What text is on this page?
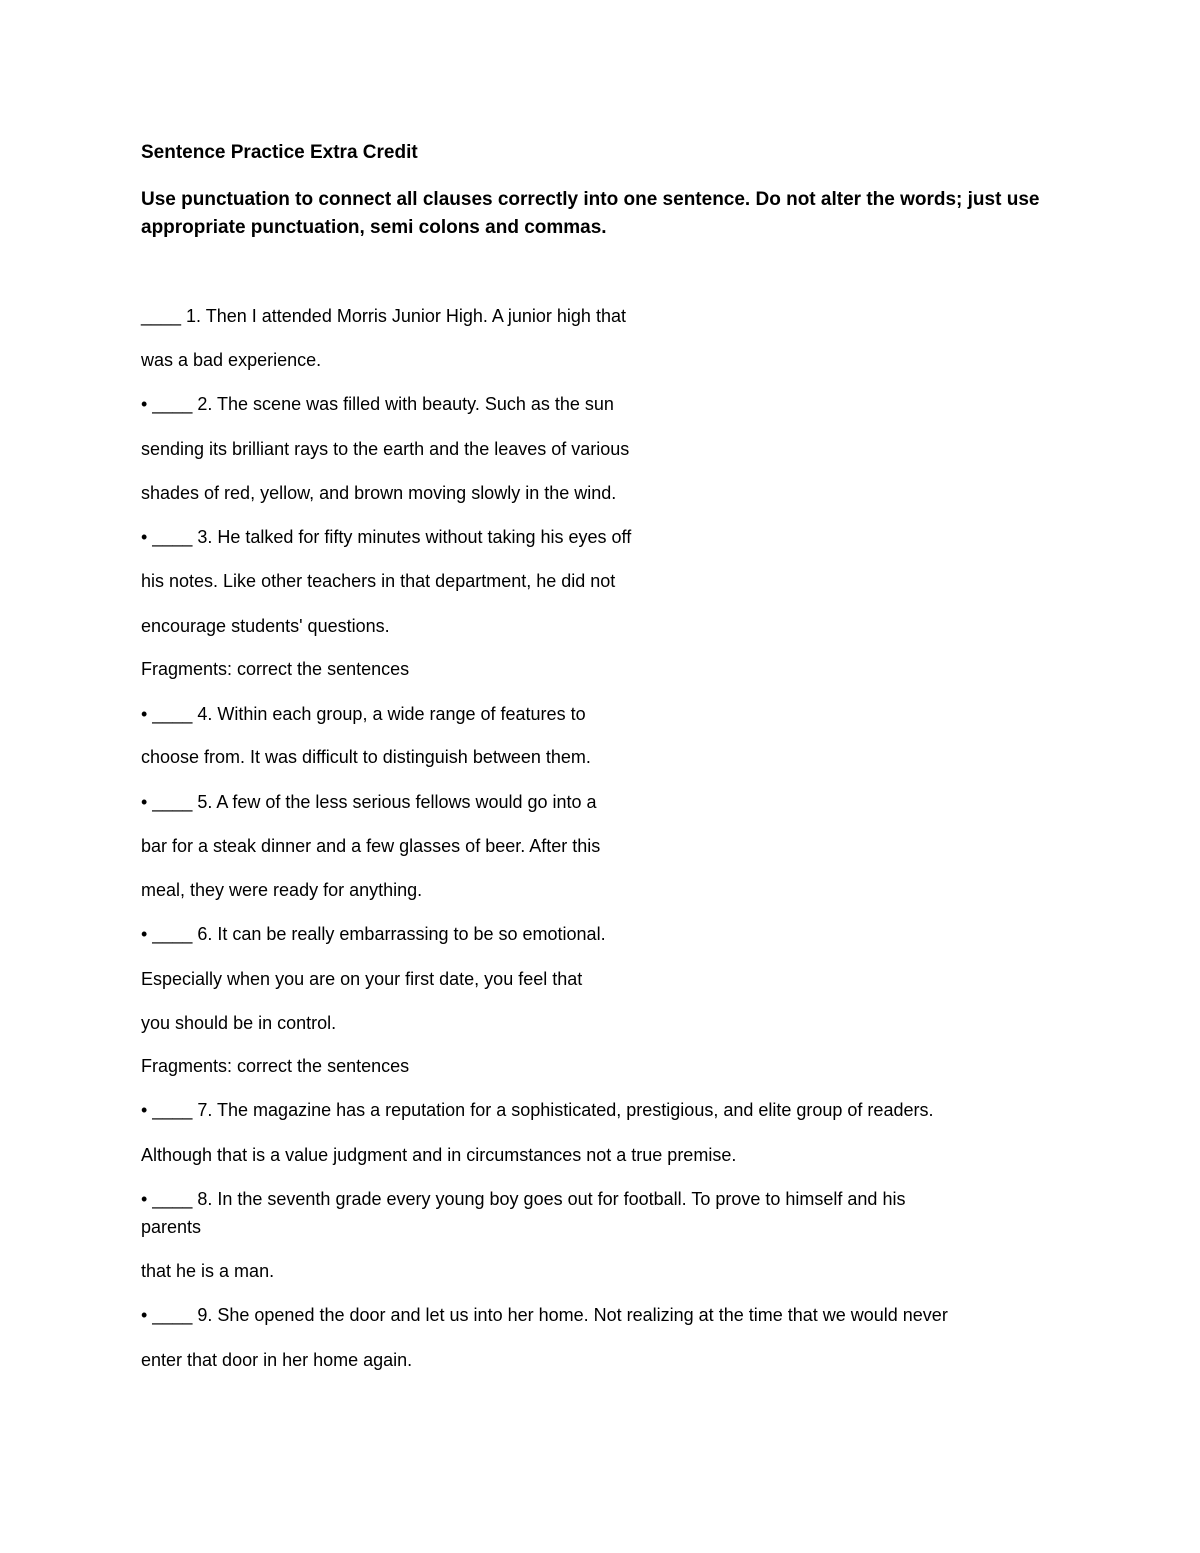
Sentence Practice Extra Credit
Use punctuation to connect all clauses correctly into one sentence. Do not alter the words; just use appropriate punctuation, semi colons and commas.
____ 1. Then I attended Morris Junior High. A junior high that
was a bad experience.
• ____ 2. The scene was filled with beauty. Such as the sun
sending its brilliant rays to the earth and the leaves of various
shades of red, yellow, and brown moving slowly in the wind.
• ____ 3. He talked for fifty minutes without taking his eyes off
his notes. Like other teachers in that department, he did not
encourage students' questions.
Fragments: correct the sentences
• ____ 4. Within each group, a wide range of features to
choose from. It was difficult to distinguish between them.
• ____ 5. A few of the less serious fellows would go into a
bar for a steak dinner and a few glasses of beer. After this
meal, they were ready for anything.
• ____ 6. It can be really embarrassing to be so emotional.
Especially when you are on your first date, you feel that
you should be in control.
Fragments: correct the sentences
• ____ 7. The magazine has a reputation for a sophisticated, prestigious, and elite group of readers.
Although that is a value judgment and in circumstances not a true premise.
• ____ 8. In the seventh grade every young boy goes out for football. To prove to himself and his
parents
that he is a man.
• ____ 9. She opened the door and let us into her home. Not realizing at the time that we would never
enter that door in her home again.
